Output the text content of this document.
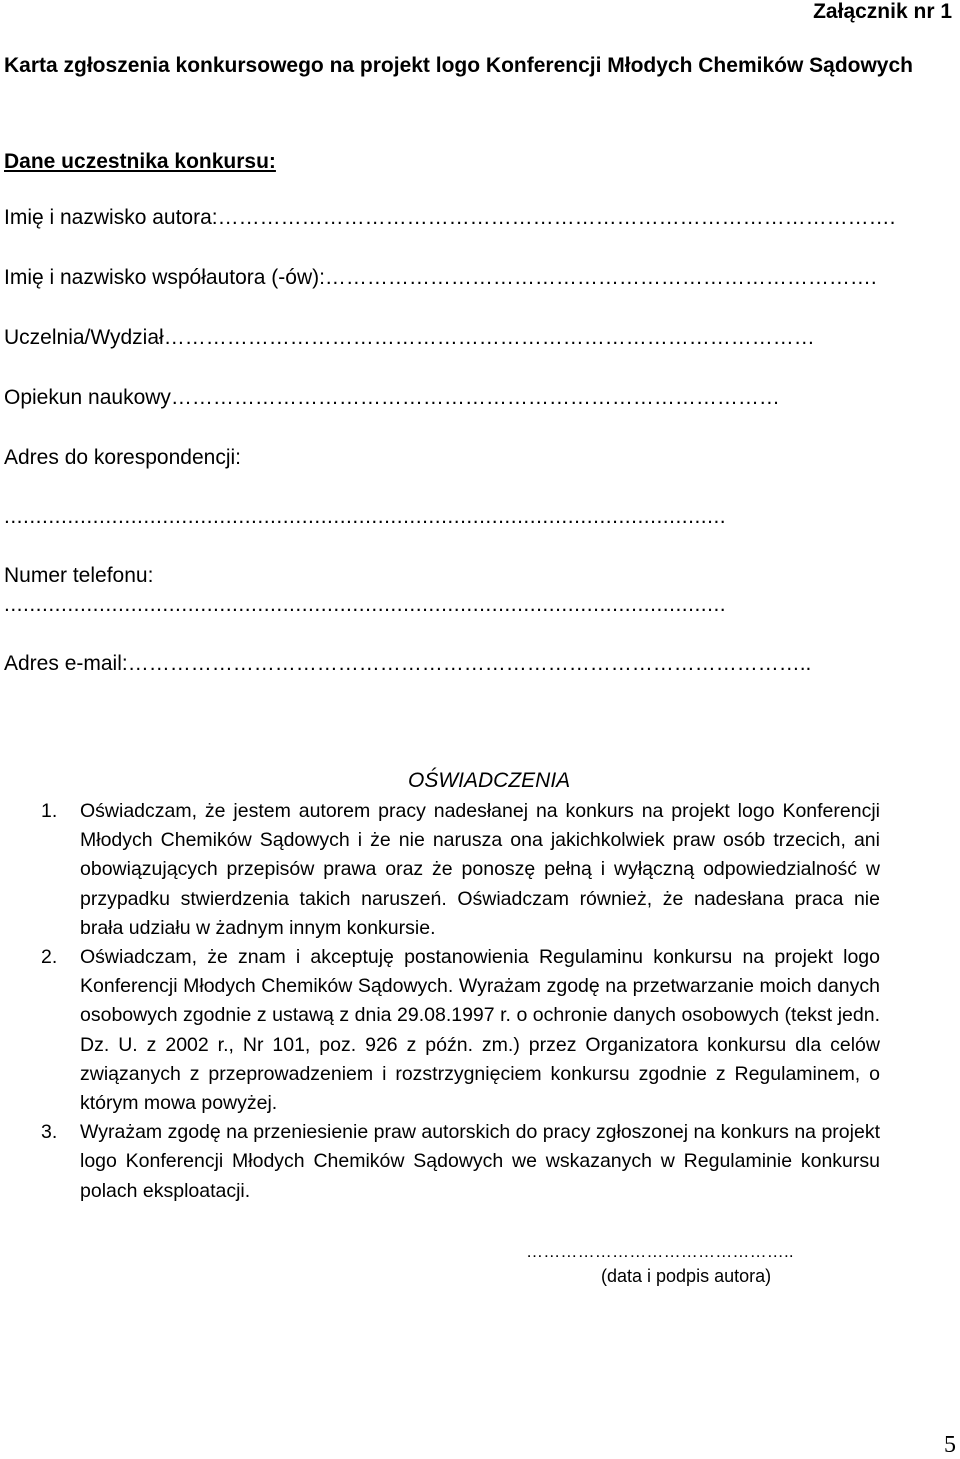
Załącznik nr 1
Karta zgłoszenia konkursowego na projekt logo Konferencji Młodych Chemików Sądowych
Dane uczestnika konkursu:
Imię i nazwisko autora:…………………………………………………………………………………….
Imię i nazwisko współautora (-ów):…………………………………………………………………….
Uczelnia/Wydział…………………………………………………………………………………
Opiekun naukowy……………………………………………………………………………
Adres do korespondencji:
..................................................................................................................
Numer telefonu:
..................................................................................................................
Adres e-mail:……………………………………………………………………………………..
OŚWIADCZENIA
1. Oświadczam, że jestem autorem pracy nadesłanej na konkurs na projekt logo Konferencji Młodych Chemików Sądowych i że nie narusza ona jakichkolwiek praw osób trzecich, ani obowiązujących przepisów prawa oraz że ponoszę pełną i wyłączną odpowiedzialność w przypadku stwierdzenia takich naruszeń. Oświadczam również, że nadesłana praca nie brała udziału w żadnym innym konkursie.
2. Oświadczam, że znam i akceptuję postanowienia Regulaminu konkursu na projekt logo Konferencji Młodych Chemików Sądowych. Wyrażam zgodę na przetwarzanie moich danych osobowych zgodnie z ustawą z dnia 29.08.1997 r. o ochronie danych osobowych (tekst jedn. Dz. U. z 2002 r., Nr 101, poz. 926 z późn. zm.) przez Organizatora konkursu dla celów związanych z przeprowadzeniem i rozstrzygnięciem konkursu zgodnie z Regulaminem, o którym mowa powyżej.
3. Wyrażam zgodę na przeniesienie praw autorskich do pracy zgłoszonej na konkurs na projekt logo Konferencji Młodych Chemików Sądowych we wskazanych w Regulaminie konkursu polach eksploatacji.
………………………………………..
(data i podpis autora)
5
